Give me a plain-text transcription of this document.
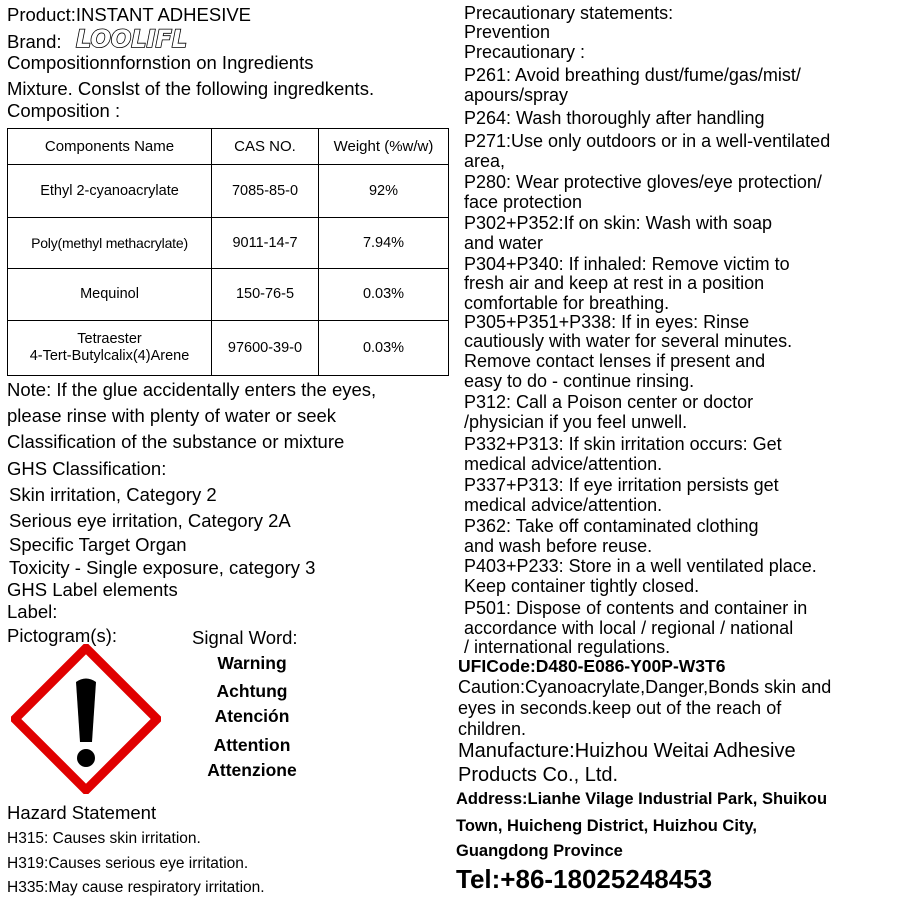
Product:INSTANT ADHESIVE
Brand: LOOLIFL
Compositionnfornstion on Ingredients
Mixture. Conslst of the following ingredkents.
Composition :
Components Name	CAS NO.	Weight (%w/w)
Ethyl 2-cyanoacrylate	7085-85-0	92%
Poly(methyl methacrylate)	9011-14-7	7.94%
Mequinol	150-76-5	0.03%

Tetraester
4-Tert-Butylcalix(4)Arene	97600-39-0	0.03%
Note: If the glue accidentally enters the eyes,
please rinse with plenty of water or seek
Classification of the substance or mixture
GHS Classification:
Skin irritation, Category 2
Serious eye irritation, Category 2A
Specific Target Organ
Toxicity - Single exposure, category 3
GHS Label elements
Label:
Pictogram(s):	Signal Word:
Warning
Achtung
Atención
Attention
Attenzione
Hazard Statement
H315: Causes skin irritation.
H319:Causes serious eye irritation.
H335:May cause respiratory irritation.
Precautionary statements:
Prevention
Precautionary :
P261: Avoid breathing dust/fume/gas/mist/
apours/spray
P264: Wash thoroughly after handling
P271:Use only outdoors or in a well-ventilated
area,
P280: Wear protective gloves/eye protection/
face protection
P302+P352:If on skin: Wash with soap
and water
P304+P340: If inhaled: Remove victim to
fresh air and keep at rest in a position
comfortable for breathing.
P305+P351+P338: If in eyes: Rinse
cautiously with water for several minutes.
Remove contact lenses if present and
easy to do - continue rinsing.
P312: Call a Poison center or doctor
/physician if you feel unwell.
P332+P313: If skin irritation occurs: Get
medical advice/attention.
P337+P313: If eye irritation persists get
medical advice/attention.
P362: Take off contaminated clothing
and wash before reuse.
P403+P233: Store in a well ventilated place.
Keep container tightly closed.
P501: Dispose of contents and container in
accordance with local / regional / national
/ international regulations.
UFICode:D480-E086-Y00P-W3T6
Caution:Cyanoacrylate,Danger,Bonds skin and
eyes in seconds.keep out of the reach of
children.
Manufacture:Huizhou Weitai Adhesive
Products Co., Ltd.
Address:Lianhe Vilage Industrial Park, Shuikou
Town, Huicheng District, Huizhou City,
Guangdong Province
Tel:+86-18025248453
